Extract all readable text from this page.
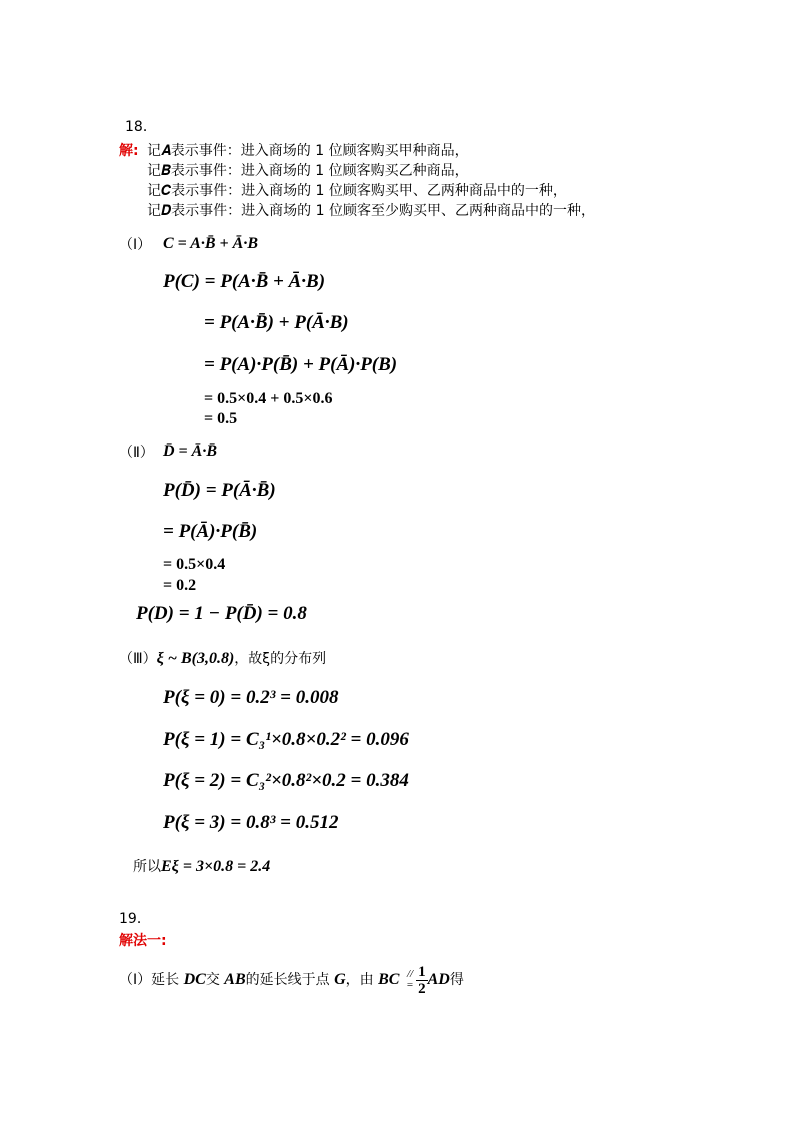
18．
解: 记𝑨表示事件：进入商场的 1 位顾客购买甲种商品，
记𝑩表示事件：进入商场的 1 位顾客购买乙种商品，
记𝑪表示事件：进入商场的 1 位顾客购买甲、乙两种商品中的一种，
记𝑫表示事件：进入商场的 1 位顾客至少购买甲、乙两种商品中的一种，
（Ⅰ） C = A·B̄ + Ā·B
P(C) = P(A·B̄ + Ā·B)
= P(A·B̄) + P(Ā·B)
= P(A)·P(B̄) + P(Ā)·P(B)
= 0.5×0.4 + 0.5×0.6
= 0.5
（Ⅱ） D̄ = Ā·B̄
P(D̄) = P(Ā·B̄)
= P(Ā)·P(B̄)
= 0.5×0.4
= 0.2
P(D) = 1 − P(D̄) = 0.8
（Ⅲ）ξ ~ B(3,0.8)，故ξ的分布列
P(ξ = 0) = 0.2³ = 0.008
P(ξ = 1) = C₃¹×0.8×0.2² = 0.096
P(ξ = 2) = C₃²×0.8²×0.2 = 0.384
P(ξ = 3) = 0.8³ = 0.512
所以Eξ = 3×0.8 = 2.4
19．
解法一:
（Ⅰ）延长 DC交 AB的延长线于点 G，由 BC //
= $\frac{1}{2}$ AD得
